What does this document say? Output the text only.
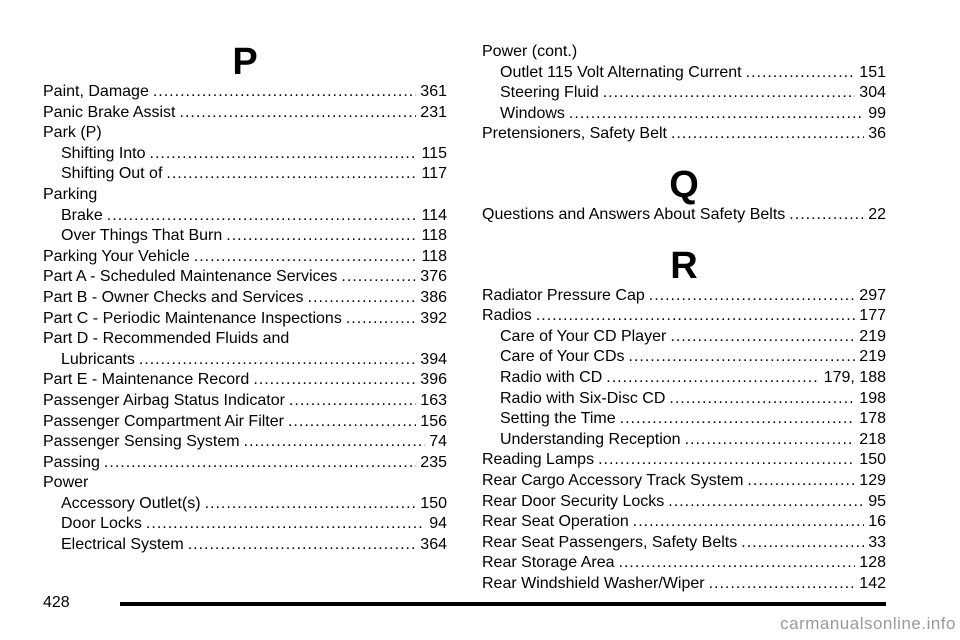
P
Paint, Damage .....	361
Panic Brake Assist .....	231
Park (P)
Shifting Into .....	115
Shifting Out of .....	117
Parking
Brake .....	114
Over Things That Burn .....	118
Parking Your Vehicle .....	118
Part A - Scheduled Maintenance Services .....	376
Part B - Owner Checks and Services .....	386
Part C - Periodic Maintenance Inspections .....	392
Part D - Recommended Fluids and
Lubricants .....	394
Part E - Maintenance Record .....	396
Passenger Airbag Status Indicator .....	163
Passenger Compartment Air Filter .....	156
Passenger Sensing System .....	74
Passing .....	235
Power
Accessory Outlet(s) .....	150
Door Locks .....	94
Electrical System .....	364
Power (cont.)
Outlet 115 Volt Alternating Current .....	151
Steering Fluid .....	304
Windows .....	99
Pretensioners, Safety Belt .....	36
Q
Questions and Answers About Safety Belts .....	22
R
Radiator Pressure Cap .....	297
Radios .....	177
Care of Your CD Player .....	219
Care of Your CDs .....	219
Radio with CD .....	179, 188
Radio with Six-Disc CD .....	198
Setting the Time .....	178
Understanding Reception .....	218
Reading Lamps .....	150
Rear Cargo Accessory Track System .....	129
Rear Door Security Locks .....	95
Rear Seat Operation .....	16
Rear Seat Passengers, Safety Belts .....	33
Rear Storage Area .....	128
Rear Windshield Washer/Wiper .....	142
428
carmanualsonline.info
